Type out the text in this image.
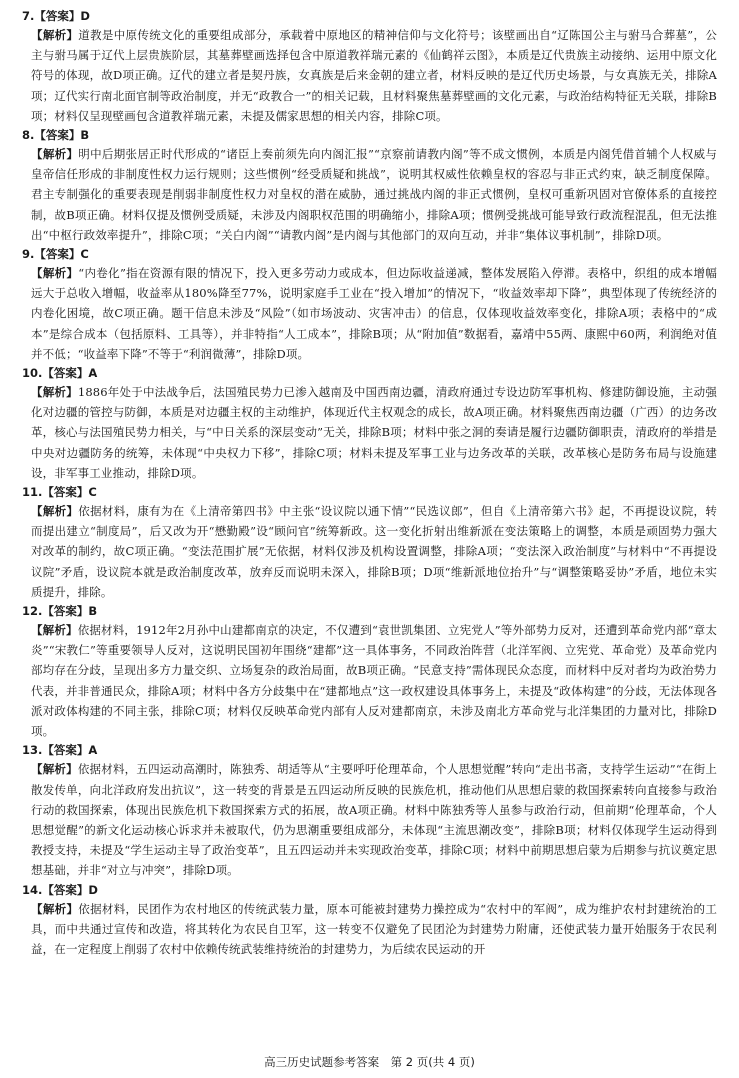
7.【答案】D
【解析】道教是中原传统文化的重要组成部分，承载着中原地区的精神信仰与文化符号；该壁画出自“辽陈国公主与驸马合葬墓”，公主与驸马属于辽代上层贵族阶层，其墓葬壁画选择包含中原道教祥瑞元素的《仙鹤祥云图》，本质是辽代贵族主动接纳、运用中原文化符号的体现，故D项正确。辽代的建立者是契丹族，女真族是后来金朝的建立者，材料反映的是辽代历史场景，与女真族无关，排除A项；辽代实行南北面官制等政治制度，并无“政教合一”的相关记载，且材料聚焦墓葬壁画的文化元素，与政治结构特征无关联，排除B项；材料仅呈现壁画包含道教祥瑞元素，未提及儒家思想的相关内容，排除C项。
8.【答案】B
【解析】明中后期张居正时代形成的“诸臣上奏前须先向内阁汇报”“京察前请教内阁”等不成文惯例，本质是内阁凭借首辅个人权威与皇帝信任形成的非制度性权力运行规则；这些惯例“经受质疑和挑战”，说明其权威性依赖皇权的容忍与非正式约束，缺乏制度保障。君主专制强化的重要表现是削弱非制度性权力对皇权的潜在威胁，通过挑战内阁的非正式惯例，皇权可重新巩固对官僚体系的直接控制，故B项正确。材料仅提及惯例受质疑，未涉及内阁职权范围的明确缩小，排除A项；惯例受挑战可能导致行政流程混乱，但无法推出“中枢行政效率提升”，排除C项；“关白内阁”“请教内阁”是内阁与其他部门的双向互动，并非“集体议事机制”，排除D项。
9.【答案】C
【解析】“内卷化”指在资源有限的情况下，投入更多劳动力或成本，但边际收益递减，整体发展陷入停滞。表格中，织组的成本增幅远大于总收入增幅，收益率从180%降至77%，说明家庭手工业在“投入增加”的情况下，“收益效率却下降”，典型体现了传统经济的内卷化困境，故C项正确。题干信息未涉及“风险”（如市场波动、灾害冲击）的信息，仅体现收益效率变化，排除A项；表格中的“成本”是综合成本（包括原料、工具等），并非特指“人工成本”，排除B项；从“附加值”数据看，嘉靖中55两、康熙中60两，利润绝对值并不低；“收益率下降”不等于“利润微薄”，排除D项。
10.【答案】A
【解析】1886年处于中法战争后，法国殖民势力已渗入越南及中国西南边疆，清政府通过专设边防军事机构、修建防御设施，主动强化对边疆的管控与防御，本质是对边疆主权的主动维护，体现近代主权观念的成长，故A项正确。材料聚焦西南边疆（广西）的边务改革，核心与法国殖民势力相关，与“中日关系的深层变动”无关，排除B项；材料中张之洞的奏请是履行边疆防御职责，清政府的举措是中央对边疆防务的统筹，未体现“中央权力下移”，排除C项；材料未提及军事工业与边务改革的关联，改革核心是防务布局与设施建设，非军事工业推动，排除D项。
11.【答案】C
【解析】依据材料，康有为在《上清帝第四书》中主张“设议院以通下情”“民选议郎”，但自《上清帝第六书》起，不再提设议院，转而提出建立“制度局”，后又改为开“懋勤殿”设“顾问官”统筹新政。这一变化折射出维新派在变法策略上的调整，本质是顽固势力强大对改革的制约，故C项正确。“变法范围扩展”无依据，材料仅涉及机构设置调整，排除A项；“变法深入政治制度”与材料中“不再提设议院”矛盾，设议院本就是政治制度改革，放弃反而说明未深入，排除B项；D项“维新派地位抬升”与“调整策略妥协”矛盾，地位未实质提升，排除。
12.【答案】B
【解析】依据材料，1912年2月孙中山建都南京的决定，不仅遭到“袁世凯集团、立宪党人”等外部势力反对，还遭到革命党内部“章太炎”“宋教仁”等重要领导人反对，这说明民国初年围绕“建都”这一具体事务，不同政治阵营（北洋军阀、立宪党、革命党）及革命党内部均存在分歧，呈现出多方力量交织、立场复杂的政治局面，故B项正确。“民意支持”需体现民众态度，而材料中反对者均为政治势力代表，并非普通民众，排除A项；材料中各方分歧集中在“建都地点”这一政权建设具体事务上，未提及“政体构建”的分歧，无法体现各派对政体构建的不同主张，排除C项；材料仅反映革命党内部有人反对建都南京，未涉及南北方革命党与北洋集团的力量对比，排除D项。
13.【答案】A
【解析】依据材料，五四运动高潮时，陈独秀、胡适等从“主要呼吁伦理革命，个人思想觉醒”转向“走出书斋，支持学生运动”“在街上散发传单，向北洋政府发出抗议”，这一转变的背景是五四运动所反映的民族危机，推动他们从思想启蒙的救国探索转向直接参与政治行动的救国探索，体现出民族危机下救国探索方式的拓展，故A项正确。材料中陈独秀等人虽参与政治行动，但前期“伦理革命，个人思想觉醒”的新文化运动核心诉求并未被取代，仍为思潮重要组成部分，未体现“主流思潮改变”，排除B项；材料仅体现学生运动得到教授支持，未提及“学生运动主导了政治变革”，且五四运动并未实现政治变革，排除C项；材料中前期思想启蒙为后期参与抗议奠定思想基础，并非“对立与冲突”，排除D项。
14.【答案】D
【解析】依据材料，民团作为农村地区的传统武装力量，原本可能被封建势力操控成为“农村中的军阀”，成为维护农村封建统治的工具，而中共通过宣传和改造，将其转化为农民自卫军，这一转变不仅避免了民团沦为封建势力附庸，还使武装力量开始服务于农民利益，在一定程度上削弱了农村中依赖传统武装维持统治的封建势力，为后续农民运动的开
高三历史试题参考答案　第 2 页(共 4 页)
